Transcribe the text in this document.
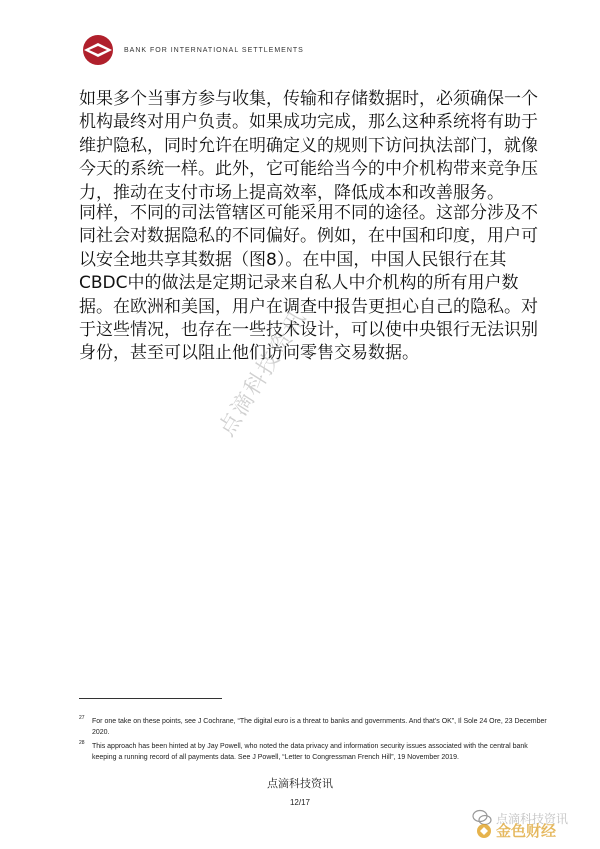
BANK FOR INTERNATIONAL SETTLEMENTS

如果多个当事方参与收集，传输和存储数据时，必须确保一个机构最终对用户负责。如果成功完成，那么这种系统将有助于维护隐私，同时允许在明确定义的规则下访问执法部门，就像今天的系统一样。此外，它可能给当今的中介机构带来竞争压力，推动在支付市场上提高效率，降低成本和改善服务。

同样，不同的司法管辖区可能采用不同的途径。这部分涉及不同社会对数据隐私的不同偏好。例如，在中国和印度，用户可以安全地共享其数据（图8）。在中国，中国人民银行在其CBDC中的做法是定期记录来自私人中介机构的所有用户数据。在欧洲和美国，用户在调查中报告更担心自己的隐私。对于这些情况，也存在一些技术设计，可以使中央银行无法识别身份，甚至可以阻止他们访问零售交易数据。

点滴科技资讯
27	For one take on these points, see J Cochrane, “The digital euro is a threat to banks and governments. And that’s OK”, Il Sole 24 Ore, 23 December 2020.
28	This approach has been hinted at by Jay Powell, who noted the data privacy and information security issues associated with the central bank keeping a running record of all payments data. See J Powell, “Letter to Congressman French Hill”, 19 November 2019.
点滴科技资讯
12/17
点滴科技资讯
金色财经
